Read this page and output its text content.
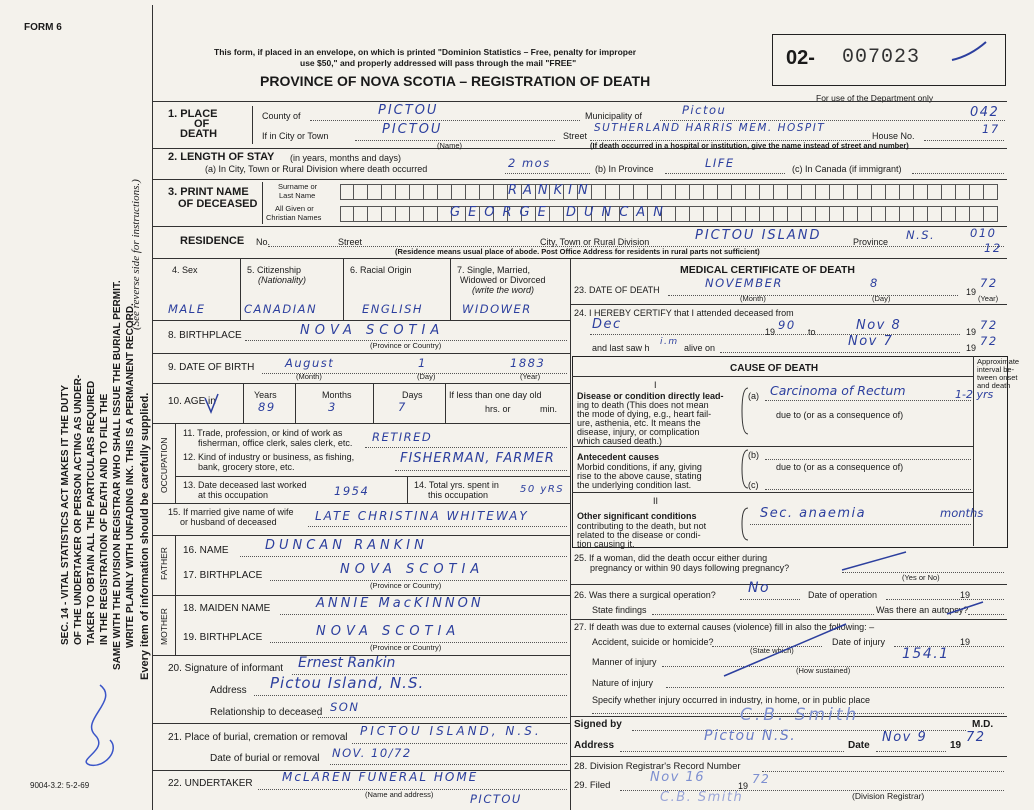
SEC. 14 - VITAL STATISTICS ACT MAKES IT THE DUTY OF THE UNDERTAKER OR PERSON ACTING AS UNDER- TAKER TO OBTAIN ALL THE PARTICULARS REQUIRED IN THE REGISTRATION OF DEATH AND TO FILE THE SAME WITH THE DIVISION REGISTRAR WHO SHALL ISSUE THE BURIAL PERMIT. WRITE PLAINLY WITH UNFADING INK. THIS IS A PERMANENT RECORD. Every item of information should be carefully supplied.
(See reverse side for instructions.)
FORM 6
9004-3.2: 5-2-69
This form, if placed in an envelope, on which is printed "Dominion Statistics – Free, penalty for improper
use $50," and properly addressed will pass through the mail "FREE"
PROVINCE OF NOVA SCOTIA – REGISTRATION OF DEATH
02- 007023
For use of the Department only
042
1. PLACE
OF
DEATH
County of	PICTOU	Municipality of	Pictou
If in City or Town	PICTOU
(Name)
Street
SUTHERLAND HARRIS MEM. HOSPIT
House No.	17
(If death occurred in a hospital or institution, give the name instead of street and number)
2. LENGTH OF STAY (in years, months and days)
(a) In City, Town or Rural Division where death occurred	2 mos	(b) In Province	LIFE	(c) In Canada (if immigrant)
3. PRINT NAME
OF DECEASED
Surname or
Last Name	RANKIN
All Given or
Christian Names	GEORGE DUNCAN
RESIDENCE No.	Street	City, Town or Rural Division	PICTOU ISLAND	Province N.S.	010
12
(Residence means usual place of abode. Post Office Address for residents in rural parts not sufficient)
4. Sex
MALE
5. Citizenship
(Nationality)
CANADIAN
6. Racial Origin
ENGLISH
7. Single, Married,
Widowed or Divorced
(write the word)
WIDOWER
8. BIRTHPLACE	NOVA SCOTIA
(Province or Country)
9. DATE OF BIRTH	August	1	1883
(Month)	(Day)	(Year)
10. AGE in
Years
89
Months
3
Days
7
If less than one day old
hrs. or	min.
OCCUPATION
11. Trade, profession, or kind of work as
fisherman, office clerk, sales clerk, etc. RETIRED
12. Kind of industry or business, as fishing,
bank, grocery store, etc.
FISHERMAN, FARMER
13. Date deceased last worked
at this occupation	1954	14. Total yrs. spent in
this occupation	50 yRS
15. If married give name of wife
or husband of deceased	LATE CHRISTINA WHITEWAY
FATHER 16. NAME	DUNCAN RANKIN
17. BIRTHPLACE	NOVA SCOTIA
(Province or Country)
MOTHER 18. MAIDEN NAME	ANNIE MacKINNON
19. BIRTHPLACE	NOVA SCOTIA
(Province or Country)
20. Signature of informant Ernest Rankin
Address Pictou Island, N.S.
Relationship to deceased SON
21. Place of burial, cremation or removal PICTOU ISLAND, N.S.
Date of burial or removal NOV. 10/72
22. UNDERTAKER McLAREN FUNERAL HOME
(Name and address)	PICTOU
MEDICAL CERTIFICATE OF DEATH
23. DATE OF DEATH	NOVEMBER	8
19
72
(Month)	(Day)	(Year)
24. I HEREBY CERTIFY that I attended deceased from
Dec	19 90 to	Nov 8	19 72
and last saw h
i.m
alive on	Nov 7	19 72
CAUSE OF DEATH
Approximate
interval be-
tween onset
and death
I
Disease or condition directly lead-
ing to death (This does not mean
the mode of dying, e.g., heart fail-
ure, asthenia, etc. It means the
disease, injury, or complication
which caused death.)
(a) Carcinoma of Rectum	1-2 yrs
due to (or as a consequence of)
Antecedent causes
Morbid conditions, if any, giving
rise to the above cause, stating
the underlying condition last.
(b)
due to (or as a consequence of)
(c)
II
Other significant conditions
contributing to the death, but not
related to the disease or condi-
tion causing it.
Sec. anaemia	months
25. If a woman, did the death occur either during
pregnancy or within 90 days following pregnancy?
(Yes or No)
26. Was there a surgical operation? No	Date of operation	19
State findings	Was there an autopsy?
27. If death was due to external causes (violence) fill in also the following: –
Accident, suicide or homicide?
(State which)
Date of injury	19
Manner of injury
(How sustained)
154.1
Nature of injury
Specify whether injury occurred in industry, in home, or in public place
Signed by	C.B. Smith	M.D.
Address
Pictou N.S.
Date
Nov 9
19
72
28. Division Registrar's Record Number
29. Filed
Nov 16
19 72
C.B. Smith	(Division Registrar)
